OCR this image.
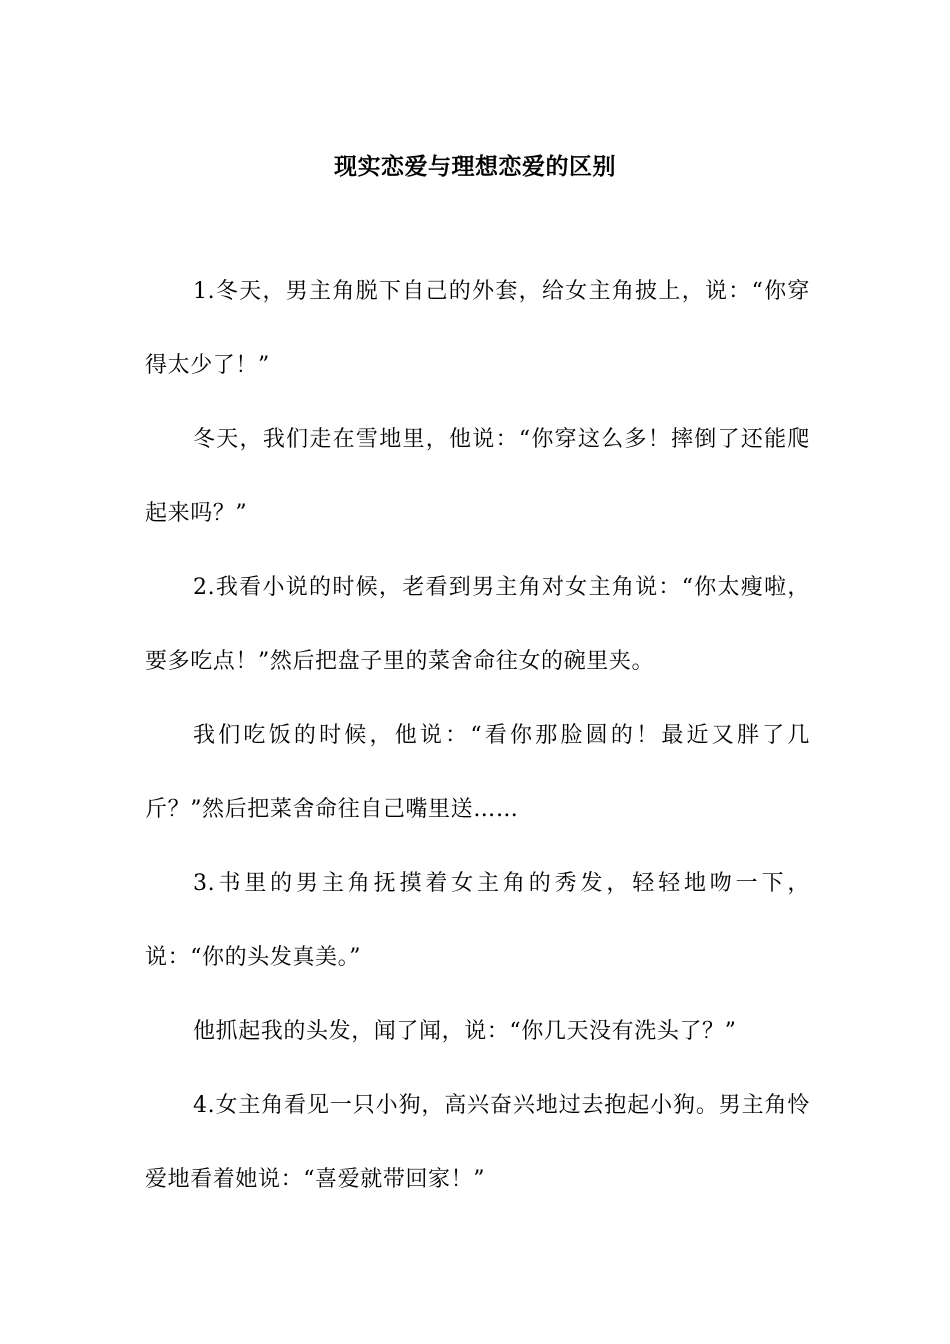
现实恋爱与理想恋爱的区别

1.冬天，男主角脱下自己的外套，给女主角披上，说：“你穿得太少了！”

冬天，我们走在雪地里，他说：“你穿这么多！摔倒了还能爬起来吗？”

2.我看小说的时候，老看到男主角对女主角说：“你太瘦啦，要多吃点！”然后把盘子里的菜舍命往女的碗里夹。

我们吃饭的时候，他说：“看你那脸圆的！最近又胖了几斤？”然后把菜舍命往自己嘴里送……

3.书里的男主角抚摸着女主角的秀发，轻轻地吻一下，说：“你的头发真美。”

他抓起我的头发，闻了闻，说：“你几天没有洗头了？”

4.女主角看见一只小狗，高兴奋兴地过去抱起小狗。男主角怜爱地看着她说：“喜爱就带回家！”
